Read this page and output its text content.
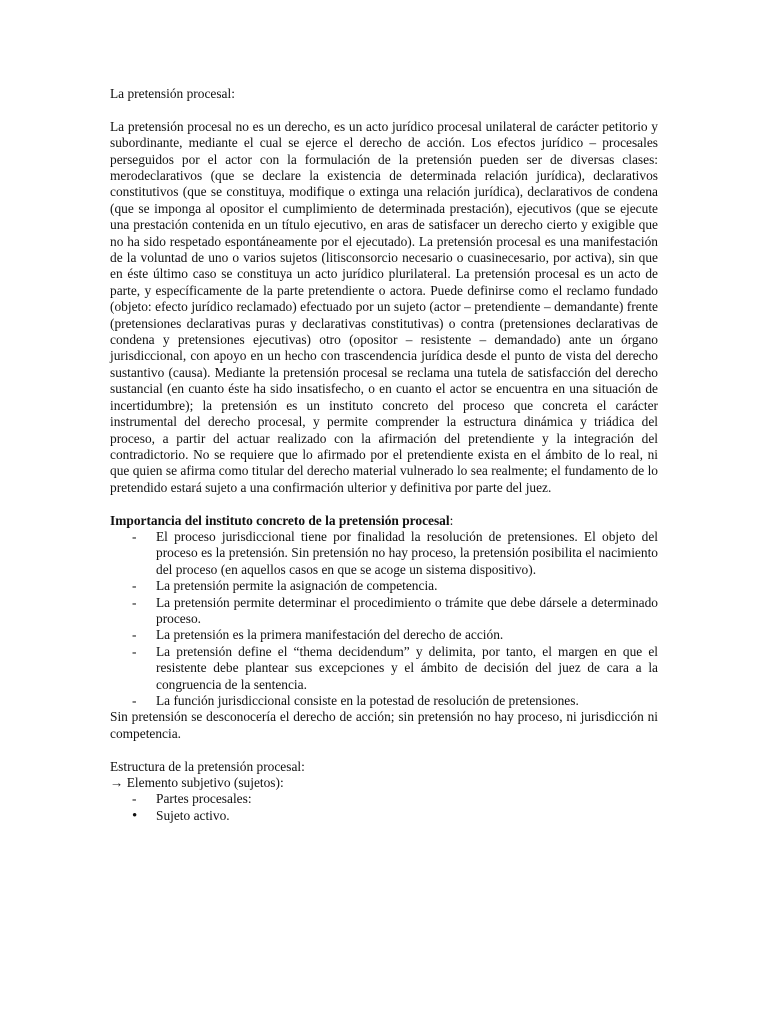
La pretensión procesal:

La pretensión procesal no es un derecho, es un acto jurídico procesal unilateral de carácter petitorio y subordinante, mediante el cual se ejerce el derecho de acción. Los efectos jurídico – procesales perseguidos por el actor con la formulación de la pretensión pueden ser de diversas clases: merodeclarativos (que se declare la existencia de determinada relación jurídica), declarativos constitutivos (que se constituya, modifique o extinga una relación jurídica), declarativos de condena (que se imponga al opositor el cumplimiento de determinada prestación), ejecutivos (que se ejecute una prestación contenida en un título ejecutivo, en aras de satisfacer un derecho cierto y exigible que no ha sido respetado espontáneamente por el ejecutado). La pretensión procesal es una manifestación de la voluntad de uno o varios sujetos (litisconsorcio necesario o cuasinecesario, por activa), sin que en éste último caso se constituya un acto jurídico plurilateral. La pretensión procesal es un acto de parte, y específicamente de la parte pretendiente o actora. Puede definirse como el reclamo fundado (objeto: efecto jurídico reclamado) efectuado por un sujeto (actor – pretendiente – demandante) frente (pretensiones declarativas puras y declarativas constitutivas) o contra (pretensiones declarativas de condena y pretensiones ejecutivas) otro (opositor – resistente – demandado) ante un órgano jurisdiccional, con apoyo en un hecho con trascendencia jurídica desde el punto de vista del derecho sustantivo (causa). Mediante la pretensión procesal se reclama una tutela de satisfacción del derecho sustancial (en cuanto éste ha sido insatisfecho, o en cuanto el actor se encuentra en una situación de incertidumbre); la pretensión es un instituto concreto del proceso que concreta el carácter instrumental del derecho procesal, y permite comprender la estructura dinámica y triádica del proceso, a partir del actuar realizado con la afirmación del pretendiente y la integración del contradictorio. No se requiere que lo afirmado por el pretendiente exista en el ámbito de lo real, ni que quien se afirma como titular del derecho material vulnerado lo sea realmente; el fundamento de lo pretendido estará sujeto a una confirmación ulterior y definitiva por parte del juez.

Importancia del instituto concreto de la pretensión procesal:

- El proceso jurisdiccional tiene por finalidad la resolución de pretensiones. El objeto del proceso es la pretensión. Sin pretensión no hay proceso, la pretensión posibilita el nacimiento del proceso (en aquellos casos en que se acoge un sistema dispositivo).
- La pretensión permite la asignación de competencia.
- La pretensión permite determinar el procedimiento o trámite que debe dársele a determinado proceso.
- La pretensión es la primera manifestación del derecho de acción.
- La pretensión define el “thema decidendum” y delimita, por tanto, el margen en que el resistente debe plantear sus excepciones y el ámbito de decisión del juez de cara a la congruencia de la sentencia.
- La función jurisdiccional consiste en la potestad de resolución de pretensiones.

Sin pretensión se desconocería el derecho de acción; sin pretensión no hay proceso, ni jurisdicción ni competencia.

Estructura de la pretensión procesal:

→ Elemento subjetivo (sujetos):

- Partes procesales:
• Sujeto activo.
